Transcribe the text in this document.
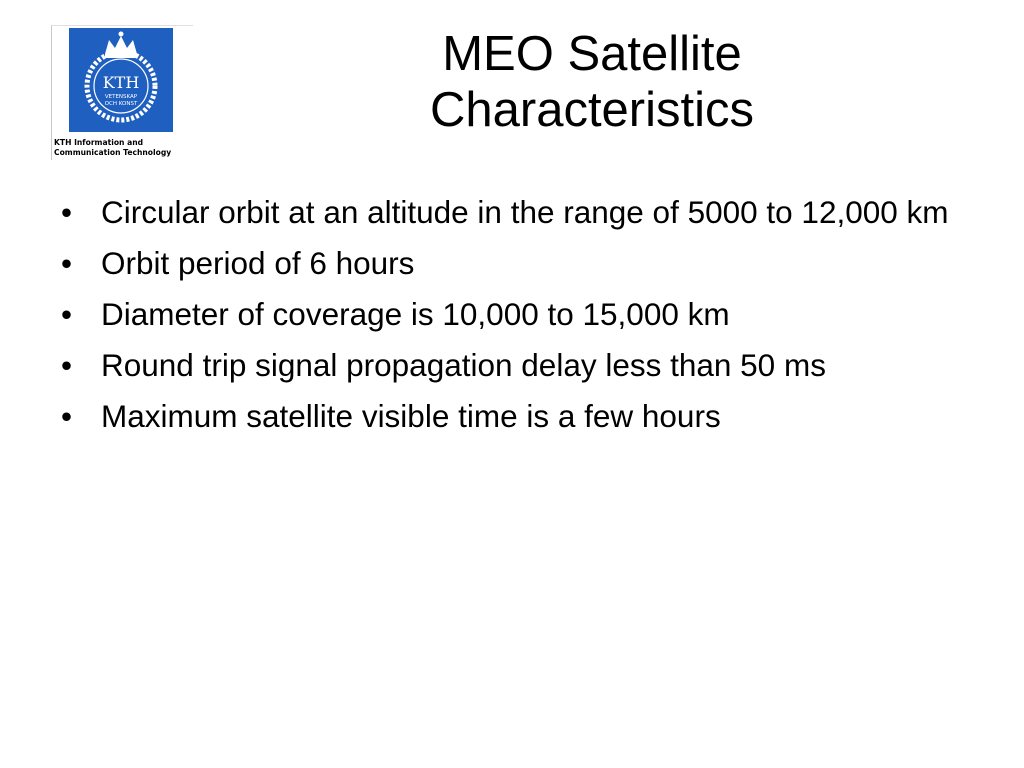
KTH
VETENSKAP
OCH KONST
KTH Information and
Communication Technology
MEO Satellite Characteristics
• Circular orbit at an altitude in the range of 5000 to 12,000 km
• Orbit period of 6 hours
• Diameter of coverage is 10,000 to 15,000 km
• Round trip signal propagation delay less than 50 ms
• Maximum satellite visible time is a few hours
